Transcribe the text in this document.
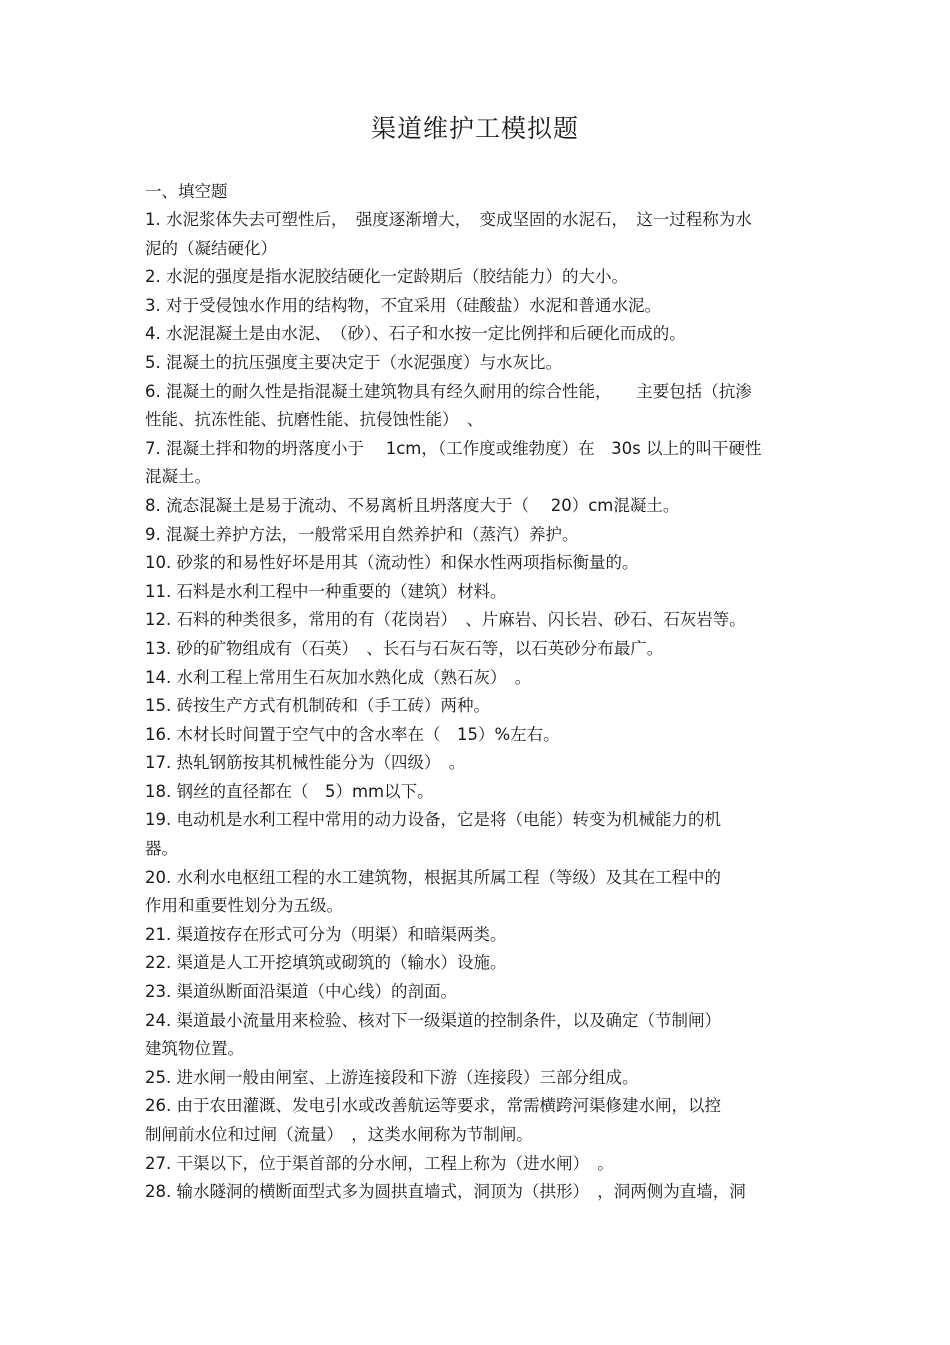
渠道维护工模拟题
一、填空题
1. 水泥浆体失去可塑性后，　强度逐渐增大，　变成坚固的水泥石，　这一过程称为水
泥的（凝结硬化）
2. 水泥的强度是指水泥胶结硬化一定龄期后（胶结能力）的大小。
3. 对于受侵蚀水作用的结构物，不宜采用（硅酸盐）水泥和普通水泥。
4. 水泥混凝土是由水泥、　（砂）、石子和水按一定比例拌和后硬化而成的。
5. 混凝土的抗压强度主要决定于（水泥强度）与水灰比。
6. 混凝土的耐久性是指混凝土建筑物具有经久耐用的综合性能，　　主要包括（抗渗
性能、抗冻性能、抗磨性能、抗侵蚀性能）　、
7. 混凝土拌和物的坍落度小于　 1cm，（工作度或维勃度）在　30s 以上的叫干硬性
混凝土。
8. 流态混凝土是易于流动、不易离析且坍落度大于（　 20）cm混凝土。
9. 混凝土养护方法，一般常采用自然养护和（蒸汽）养护。
10. 砂浆的和易性好坏是用其（流动性）和保水性两项指标衡量的。
11. 石料是水利工程中一种重要的（建筑）材料。
12. 石料的种类很多，常用的有（花岗岩）　、片麻岩、闪长岩、砂石、石灰岩等。
13. 砂的矿物组成有（石英）　、长石与石灰石等，以石英砂分布最广。
14. 水利工程上常用生石灰加水熟化成（熟石灰）　。
15. 砖按生产方式有机制砖和（手工砖）两种。
16. 木材长时间置于空气中的含水率在（　15）%左右。
17. 热轧钢筋按其机械性能分为（四级）　。
18. 钢丝的直径都在（　5）mm以下。
19. 电动机是水利工程中常用的动力设备，它是将（电能）转变为机械能力的机
器。
20. 水利水电枢纽工程的水工建筑物，根据其所属工程（等级）及其在工程中的
作用和重要性划分为五级。
21. 渠道按存在形式可分为（明渠）和暗渠两类。
22. 渠道是人工开挖填筑或砌筑的（输水）设施。
23. 渠道纵断面沿渠道（中心线）的剖面。
24. 渠道最小流量用来检验、核对下一级渠道的控制条件，以及确定（节制闸）
建筑物位置。
25. 进水闸一般由闸室、上游连接段和下游（连接段）三部分组成。
26. 由于农田灌溉、发电引水或改善航运等要求，常需横跨河渠修建水闸，以控
制闸前水位和过闸（流量）　，这类水闸称为节制闸。
27. 干渠以下，位于渠首部的分水闸，工程上称为（进水闸）　。
28. 输水隧洞的横断面型式多为圆拱直墙式，洞顶为（拱形）　，洞两侧为直墙，洞
